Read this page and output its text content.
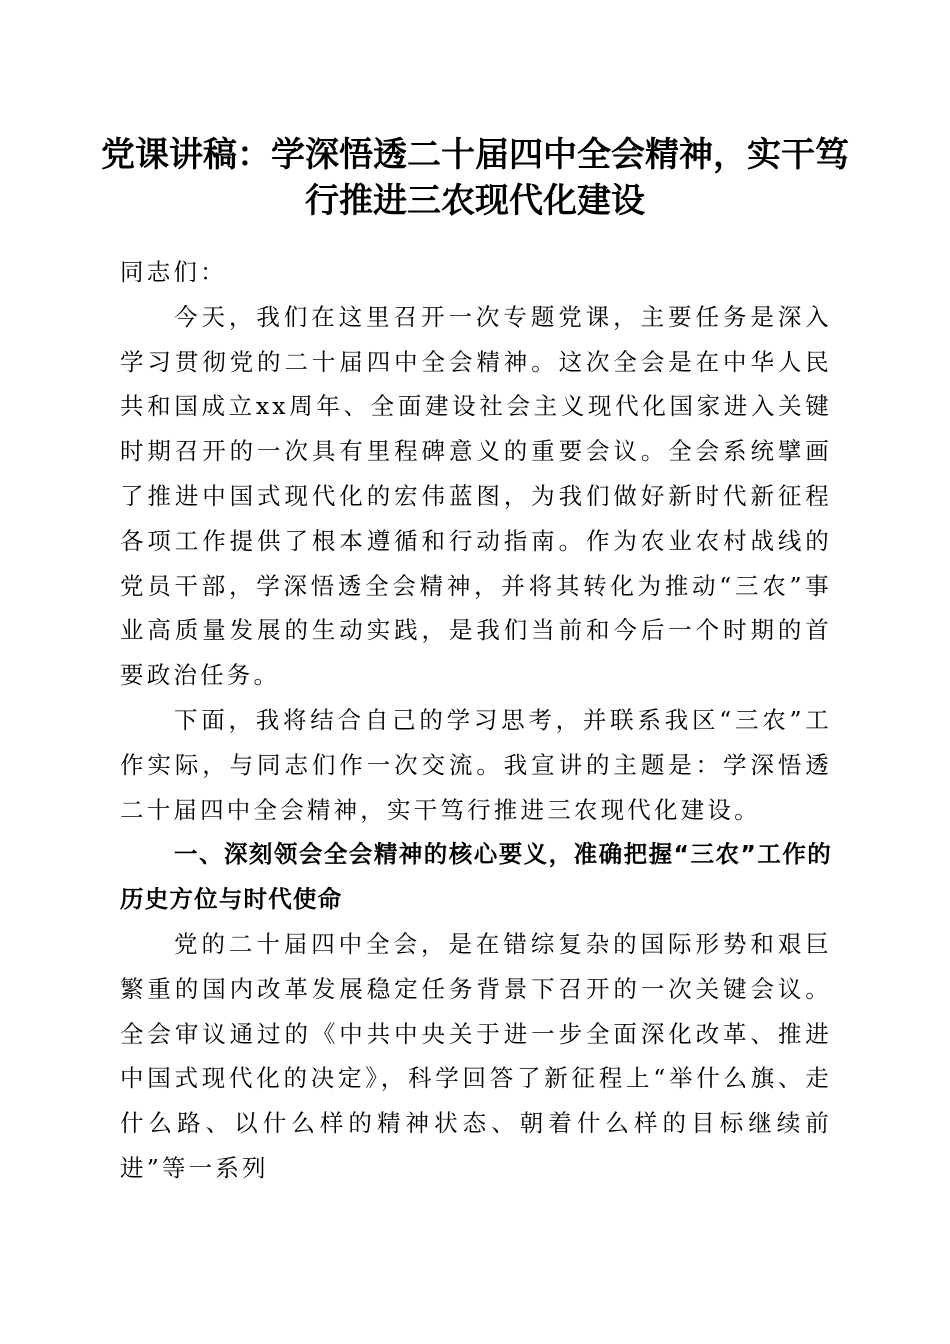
党课讲稿：学深悟透二十届四中全会精神，实干笃行推进三农现代化建设

同志们：

今天，我们在这里召开一次专题党课，主要任务是深入学习贯彻党的二十届四中全会精神。这次全会是在中华人民共和国成立xx周年、全面建设社会主义现代化国家进入关键时期召开的一次具有里程碑意义的重要会议。全会系统擘画了推进中国式现代化的宏伟蓝图，为我们做好新时代新征程各项工作提供了根本遵循和行动指南。作为农业农村战线的党员干部，学深悟透全会精神，并将其转化为推动“三农”事业高质量发展的生动实践，是我们当前和今后一个时期的首要政治任务。

下面，我将结合自己的学习思考，并联系我区“三农”工作实际，与同志们作一次交流。我宣讲的主题是：学深悟透二十届四中全会精神，实干笃行推进三农现代化建设。

一、深刻领会全会精神的核心要义，准确把握“三农”工作的历史方位与时代使命

党的二十届四中全会，是在错综复杂的国际形势和艰巨繁重的国内改革发展稳定任务背景下召开的一次关键会议。全会审议通过的《中共中央关于进一步全面深化改革、推进中国式现代化的决定》，科学回答了新征程上“举什么旗、走什么路、以什么样的精神状态、朝着什么样的目标继续前进”等一系列
